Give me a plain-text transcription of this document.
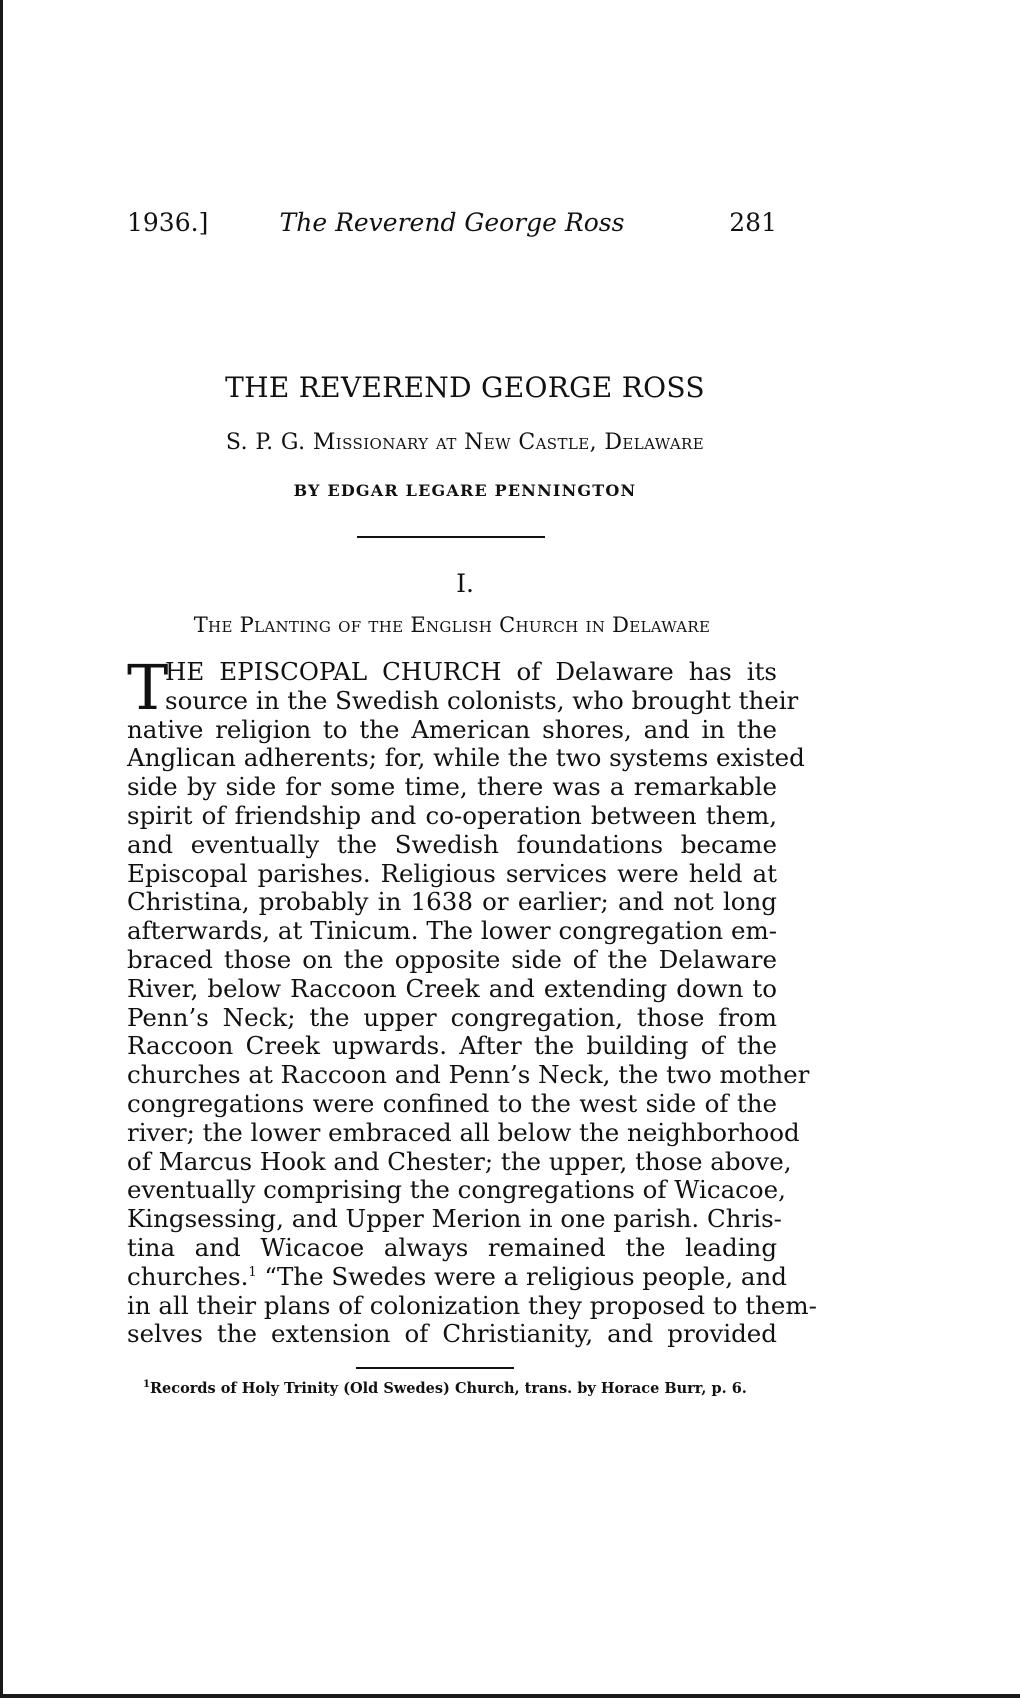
1936.]	The Reverend George Ross	281
THE REVEREND GEORGE ROSS
S. P. G. Missionary at New Castle, Delaware
BY EDGAR LEGARE PENNINGTON
I.
The Planting of the English Church in Delaware
T
HE EPISCOPAL CHURCH of Delaware has its
source in the Swedish colonists, who brought their
native religion to the American shores, and in the
Anglican adherents; for, while the two systems existed
side by side for some time, there was a remarkable
spirit of friendship and co-operation between them,
and eventually the Swedish foundations became
Episcopal parishes. Religious services were held at
Christina, probably in 1638 or earlier; and not long
afterwards, at Tinicum. The lower congregation em-
braced those on the opposite side of the Delaware
River, below Raccoon Creek and extending down to
Penn’s Neck; the upper congregation, those from
Raccoon Creek upwards. After the building of the
churches at Raccoon and Penn’s Neck, the two mother
congregations were confined to the west side of the
river; the lower embraced all below the neighborhood
of Marcus Hook and Chester; the upper, those above,
eventually comprising the congregations of Wicacoe,
Kingsessing, and Upper Merion in one parish. Chris-
tina and Wicacoe always remained the leading
churches.$^1$ “The Swedes were a religious people, and
in all their plans of colonization they proposed to them-
selves the extension of Christianity, and provided
$^1$Records of Holy Trinity (Old Swedes) Church, trans. by Horace Burr, p. 6.
